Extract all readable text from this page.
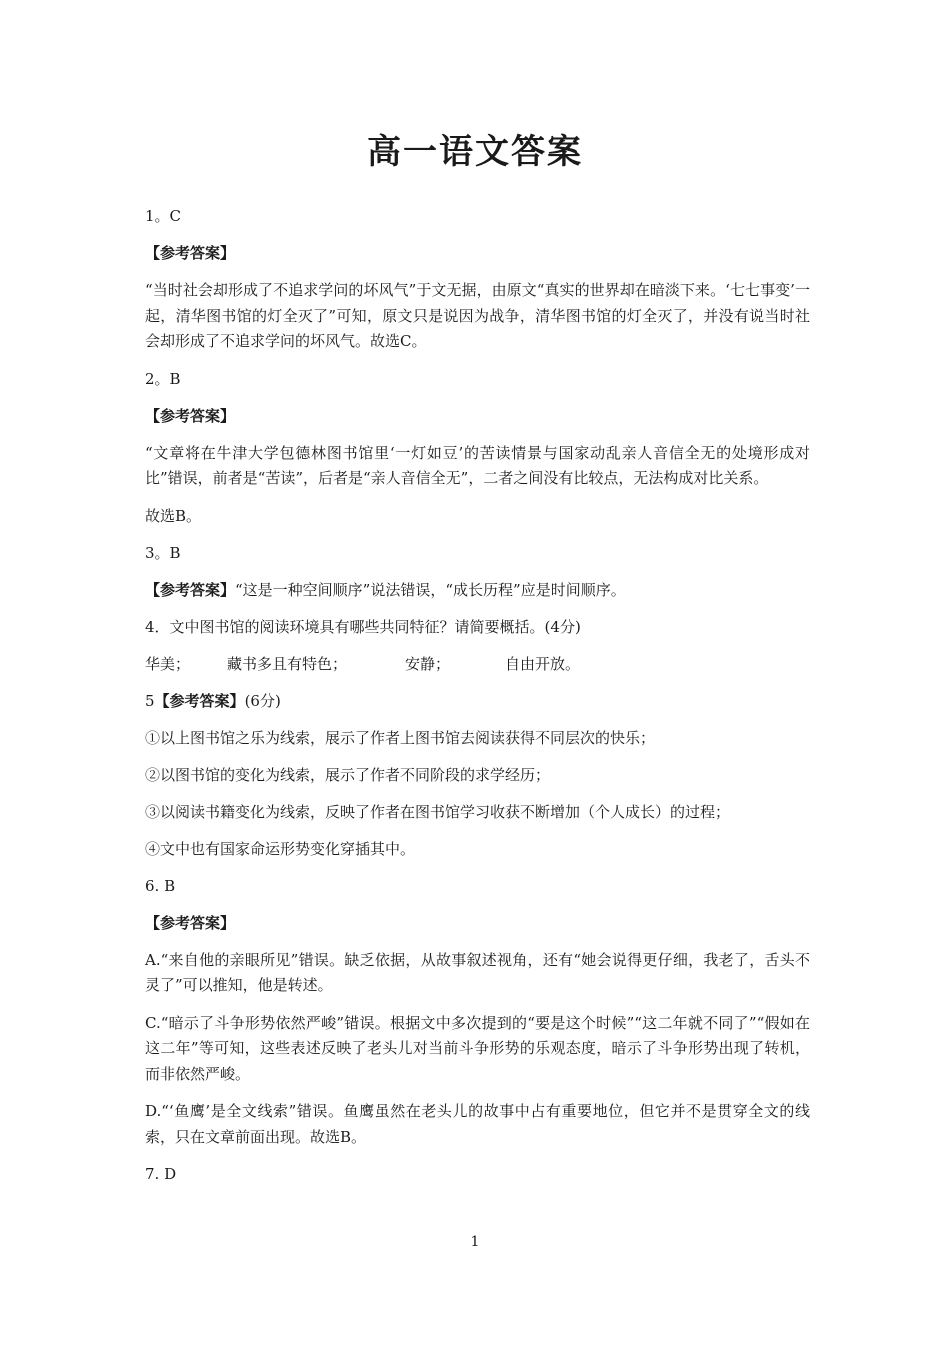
高一语文答案

1。C

【参考答案】

“当时社会却形成了不追求学问的坏风气”于文无据，由原文“真实的世界却在暗淡下来。‘七七事变’一起，清华图书馆的灯全灭了”可知，原文只是说因为战争，清华图书馆的灯全灭了，并没有说当时社会却形成了不追求学问的坏风气。故选C。

2。B

【参考答案】

“文章将在牛津大学包德林图书馆里‘一灯如豆’的苦读情景与国家动乱亲人音信全无的处境形成对比”错误，前者是“苦读”，后者是“亲人音信全无”，二者之间没有比较点，无法构成对比关系。

故选B。

3。B

【参考答案】“这是一种空间顺序”说法错误，“成长历程”应是时间顺序。

4．文中图书馆的阅读环境具有哪些共同特征？请简要概括。(4分)

华美；	藏书多且有特色；	安静；	自由开放。

5【参考答案】(6分)

①以上图书馆之乐为线索，展示了作者上图书馆去阅读获得不同层次的快乐；

②以图书馆的变化为线索，展示了作者不同阶段的求学经历；

③以阅读书籍变化为线索，反映了作者在图书馆学习收获不断增加（个人成长）的过程；

④文中也有国家命运形势变化穿插其中。

6. B

【参考答案】

A.“来自他的亲眼所见”错误。缺乏依据，从故事叙述视角，还有“她会说得更仔细，我老了，舌头不灵了”可以推知，他是转述。

C.“暗示了斗争形势依然严峻”错误。根据文中多次提到的“要是这个时候”“这二年就不同了”“假如在这二年”等可知，这些表述反映了老头儿对当前斗争形势的乐观态度，暗示了斗争形势出现了转机，而非依然严峻。

D.“‘鱼鹰’是全文线索”错误。鱼鹰虽然在老头儿的故事中占有重要地位，但它并不是贯穿全文的线索，只在文章前面出现。故选B。

7. D

1
